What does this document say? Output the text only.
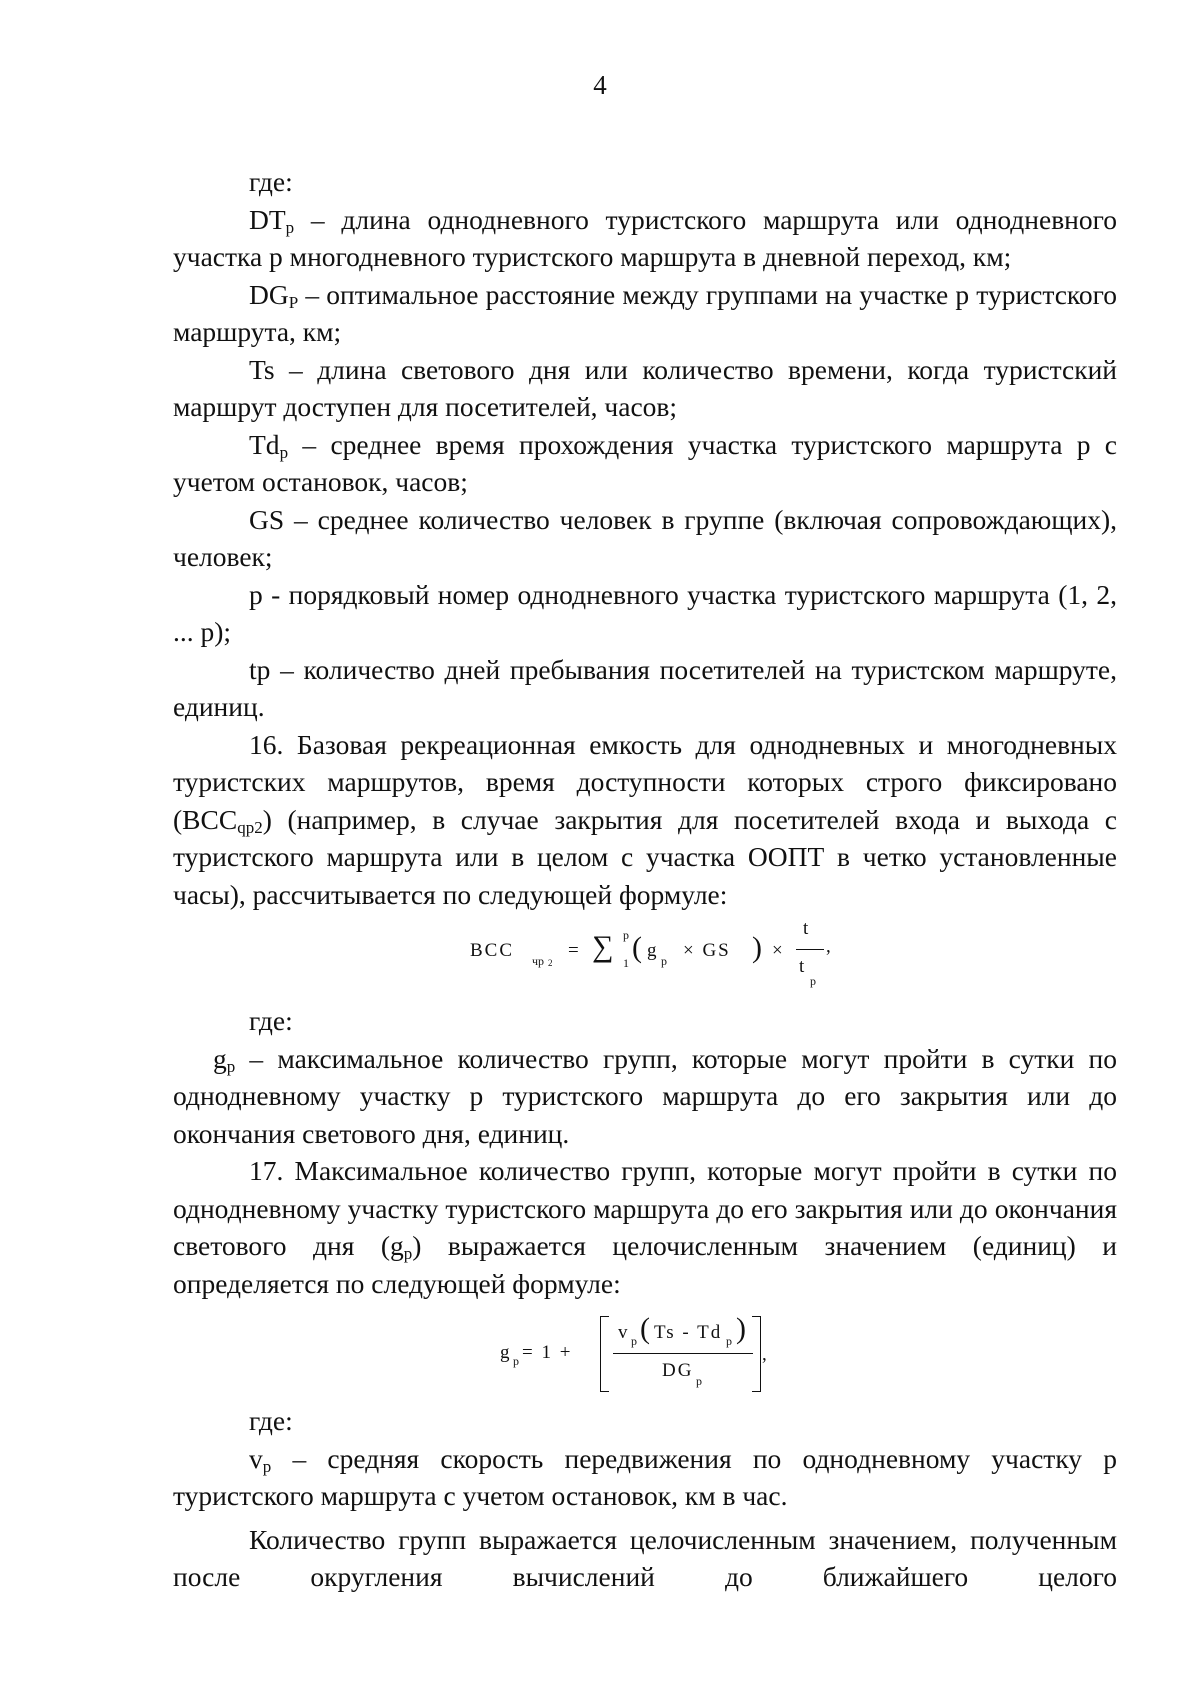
4

где:

$DT_p$ – длина однодневного туристского маршрута или однодневного участка p многодневного туристского маршрута в дневной переход, км;

$DG_P$ – оптимальное расстояние между группами на участке p туристского маршрута, км;

Ts – длина светового дня или количество времени, когда туристский маршрут доступен для посетителей, часов;

$Td_p$ – среднее время прохождения участка туристского маршрута p с учетом остановок, часов;

GS – среднее количество человек в группе (включая сопровождающих), человек;

p - порядковый номер однодневного участка туристского маршрута (1, 2, ... p);

tp – количество дней пребывания посетителей на туристском маршруте, единиц.

16. Базовая рекреационная емкость для однодневных и многодневных туристских маршрутов, время доступности которых строго фиксировано $(BCC_{qp2})$ (например, в случае закрытия для посетителей входа и выхода с туристского маршрута или в целом с участка ООПТ в четко установленные часы), рассчитывается по следующей формуле:

BCC чp 2
= ∑ p
1 ( g p × GS ) ×
t
t
p
,

где:

$g_p$ – максимальное количество групп, которые могут пройти в сутки по однодневному участку p туристского маршрута до его закрытия или до окончания светового дня, единиц.

17. Максимальное количество групп, которые могут пройти в сутки по однодневному участку туристского маршрута до его закрытия или до окончания светового дня $(g_p)$ выражается целочисленным значением (единиц) и определяется по следующей формуле:

g p = 1 +
v p ( Ts - Td p )
DG p
,

где:

$v_p$ – средняя скорость передвижения по однодневному участку p туристского маршрута с учетом остановок, км в час.

Количество групп выражается целочисленным значением, полученным после округления вычислений до ближайшего целого
